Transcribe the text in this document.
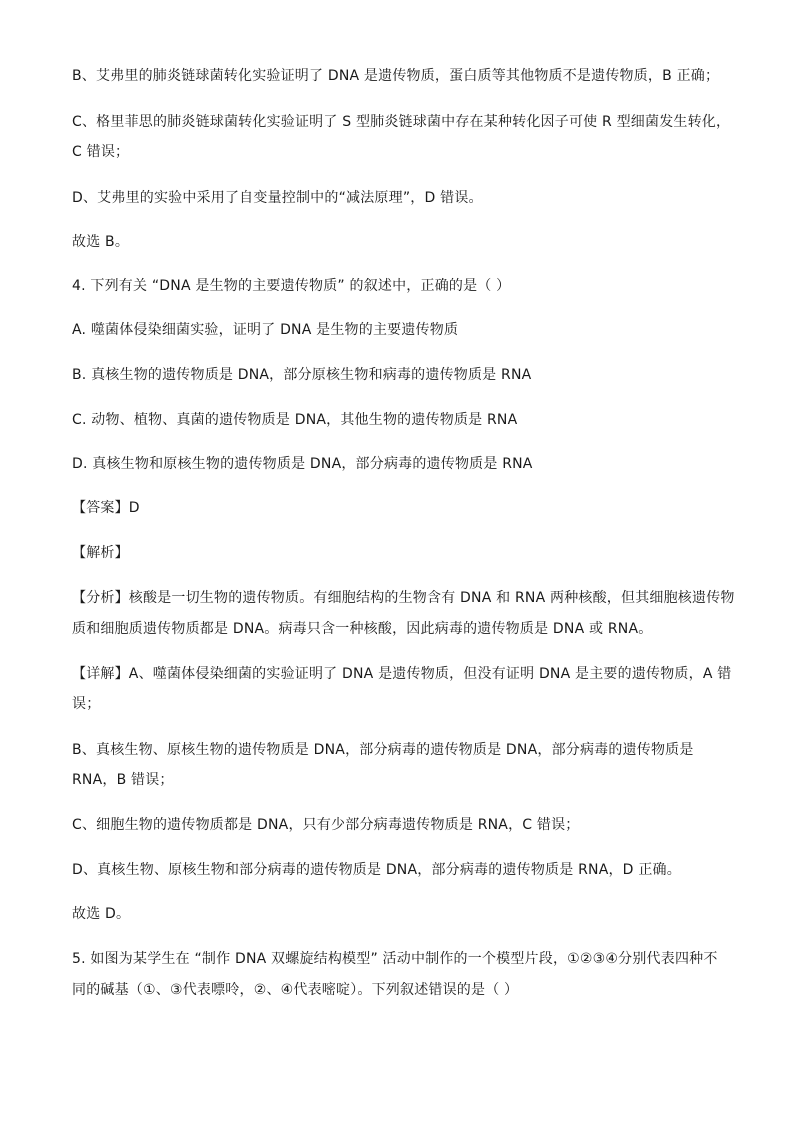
B、艾弗里的肺炎链球菌转化实验证明了 DNA 是遗传物质，蛋白质等其他物质不是遗传物质，B 正确；
C、格里菲思的肺炎链球菌转化实验证明了 S 型肺炎链球菌中存在某种转化因子可使 R 型细菌发生转化，
C 错误；
D、艾弗里的实验中采用了自变量控制中的“减法原理”，D 错误。
故选 B。
4. 下列有关 “DNA 是生物的主要遗传物质” 的叙述中，正确的是（ ）
A. 噬菌体侵染细菌实验，证明了 DNA 是生物的主要遗传物质
B. 真核生物的遗传物质是 DNA，部分原核生物和病毒的遗传物质是 RNA
C. 动物、植物、真菌的遗传物质是 DNA，其他生物的遗传物质是 RNA
D. 真核生物和原核生物的遗传物质是 DNA，部分病毒的遗传物质是 RNA
【答案】D
【解析】
【分析】核酸是一切生物的遗传物质。有细胞结构的生物含有 DNA 和 RNA 两种核酸，但其细胞核遗传物
质和细胞质遗传物质都是 DNA。病毒只含一种核酸，因此病毒的遗传物质是 DNA 或 RNA。
【详解】A、噬菌体侵染细菌的实验证明了 DNA 是遗传物质，但没有证明 DNA 是主要的遗传物质，A 错
误；
B、真核生物、原核生物的遗传物质是 DNA，部分病毒的遗传物质是 DNA，部分病毒的遗传物质是
RNA，B 错误；
C、细胞生物的遗传物质都是 DNA，只有少部分病毒遗传物质是 RNA，C 错误；
D、真核生物、原核生物和部分病毒的遗传物质是 DNA，部分病毒的遗传物质是 RNA，D 正确。
故选 D。
5. 如图为某学生在 “制作 DNA 双螺旋结构模型” 活动中制作的一个模型片段，①②③④分别代表四种不
同的碱基（①、③代表嘌呤，②、④代表嘧啶）。下列叙述错误的是（ ）
